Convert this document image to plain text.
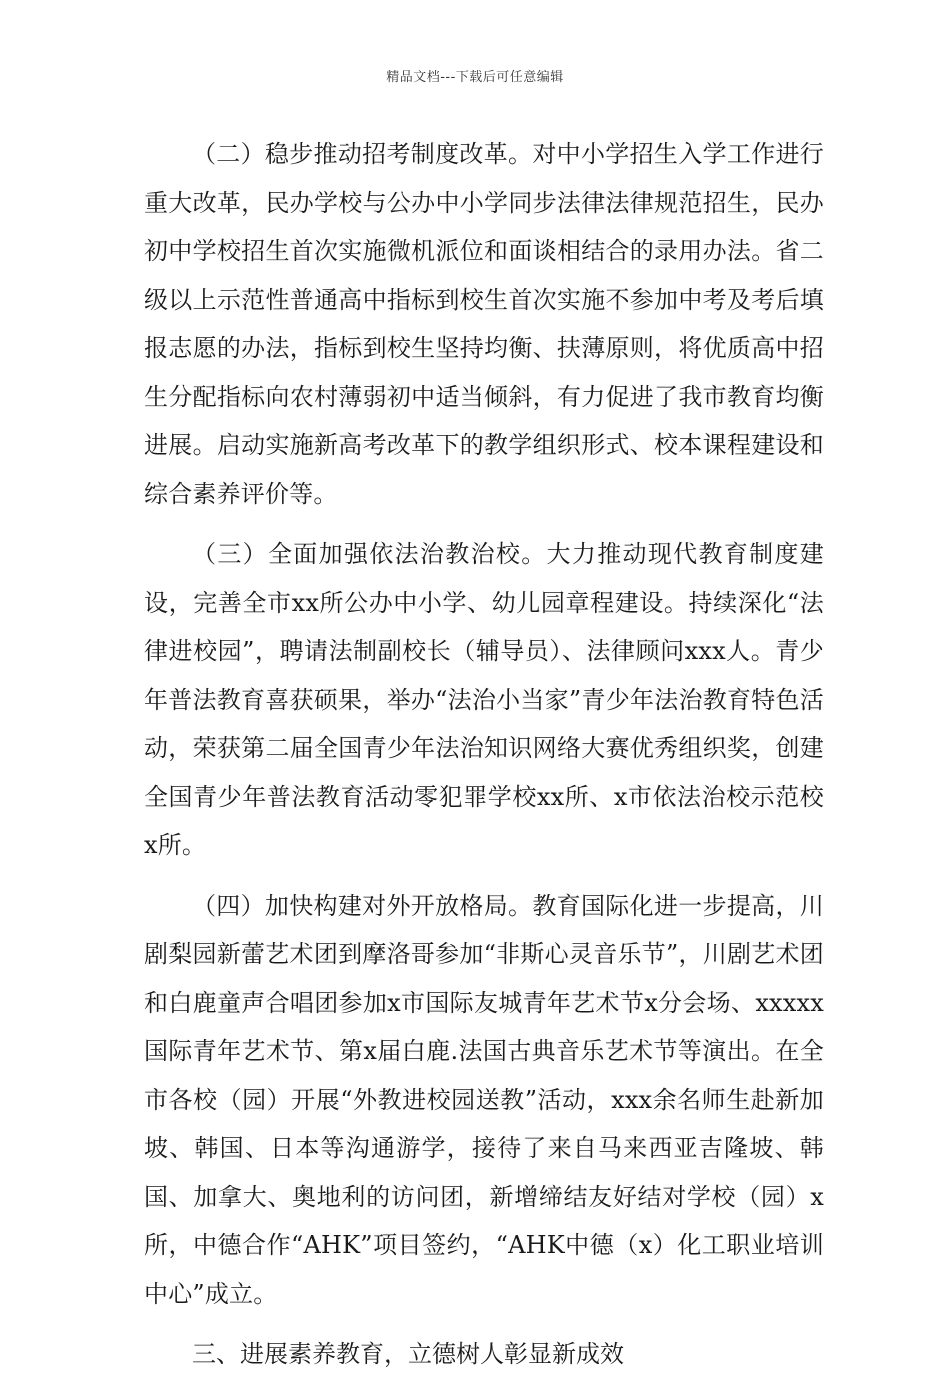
精品文档---下载后可任意编辑

（二）稳步推动招考制度改革。对中小学招生入学工作进行重大改革，民办学校与公办中小学同步法律法律规范招生，民办初中学校招生首次实施微机派位和面谈相结合的录用办法。省二级以上示范性普通高中指标到校生首次实施不参加中考及考后填报志愿的办法，指标到校生坚持均衡、扶薄原则，将优质高中招生分配指标向农村薄弱初中适当倾斜，有力促进了我市教育均衡进展。启动实施新高考改革下的教学组织形式、校本课程建设和综合素养评价等。

（三）全面加强依法治教治校。大力推动现代教育制度建设，完善全市xx所公办中小学、幼儿园章程建设。持续深化“法律进校园”，聘请法制副校长（辅导员）、法律顾问xxx人。青少年普法教育喜获硕果，举办“法治小当家”青少年法治教育特色活动，荣获第二届全国青少年法治知识网络大赛优秀组织奖，创建全国青少年普法教育活动零犯罪学校xx所、x市依法治校示范校x所。

（四）加快构建对外开放格局。教育国际化进一步提高，川剧梨园新蕾艺术团到摩洛哥参加“非斯心灵音乐节”，川剧艺术团和白鹿童声合唱团参加x市国际友城青年艺术节x分会场、xxxxx国际青年艺术节、第x届白鹿.法国古典音乐艺术节等演出。在全市各校（园）开展“外教进校园送教”活动，xxx余名师生赴新加坡、韩国、日本等沟通游学，接待了来自马来西亚吉隆坡、韩国、加拿大、奥地利的访问团，新增缔结友好结对学校（园）x所，中德合作“AHK”项目签约，“AHK中德（x）化工职业培训中心”成立。

三、进展素养教育，立德树人彰显新成效
